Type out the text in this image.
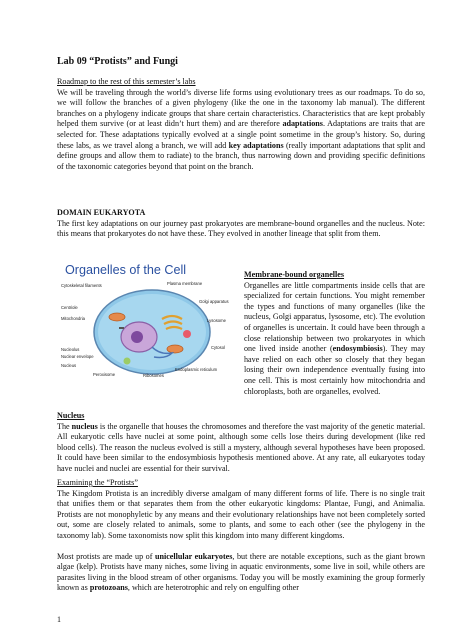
Lab 09 “Protists” and Fungi

Roadmap to the rest of this semester’s labs

We will be traveling through the world’s diverse life forms using evolutionary trees as our roadmaps. To do so, we will follow the branches of a given phylogeny (like the one in the taxonomy lab manual). The different branches on a phylogeny indicate groups that share certain characteristics. Characteristics that are kept probably helped them survive (or at least didn’t hurt them) and are therefore adaptations. Adaptations are traits that are selected for. These adaptations typically evolved at a single point sometime in the group’s history. So, during these labs, as we travel along a branch, we will add key adaptations (really important adaptations that split and define groups and allow them to radiate) to the branch, thus narrowing down and providing specific definitions of the taxonomic categories beyond that point on the branch.

DOMAIN EUKARYOTA

The first key adaptations on our journey past prokaryotes are membrane-bound organelles and the nucleus. Note: this means that prokaryotes do not have these. They evolved in another lineage that split from them.

Organelles of the Cell
Cytoskeletal filaments
Centriole
Mitochondria
Nucleolus
Nuclear envelope
Nucleus
Peroxisome
Plasma membrane
Golgi apparatus
Lysosome
Cytosol
Endoplasmic reticulum
Ribosomes

Membrane-bound organelles

Organelles are little compartments inside cells that are specialized for certain functions. You might remember the types and functions of many organelles (like the nucleus, Golgi apparatus, lysosome, etc). The evolution of organelles is uncertain. It could have been through a close relationship between two prokaryotes in which one lived inside another (endosymbiosis). They may have relied on each other so closely that they began losing their own independence eventually fusing into one cell. This is most certainly how mitochondria and chloroplasts, both are organelles, evolved.

Nucleus

The nucleus is the organelle that houses the chromosomes and therefore the vast majority of the genetic material. All eukaryotic cells have nuclei at some point, although some cells lose theirs during development (like red blood cells). The reason the nucleus evolved is still a mystery, although several hypotheses have been proposed. It could have been similar to the endosymbiosis hypothesis mentioned above. At any rate, all eukaryotes today have nuclei and nuclei are essential for their survival.

Examining the “Protists”

The Kingdom Protista is an incredibly diverse amalgam of many different forms of life. There is no single trait that unifies them or that separates them from the other eukaryotic kingdoms: Plantae, Fungi, and Animalia. Protists are not monophyletic by any means and their evolutionary relationships have not been completely sorted out, some are closely related to animals, some to plants, and some to each other (see the phylogeny in the taxonomy lab). Some taxonomists now split this kingdom into many different kingdoms.

Most protists are made up of unicellular eukaryotes, but there are notable exceptions, such as the giant brown algae (kelp). Protists have many niches, some living in aquatic environments, some live in soil, while others are parasites living in the blood stream of other organisms. Today you will be mostly examining the group formerly known as protozoans, which are heterotrophic and rely on engulfing other

1
